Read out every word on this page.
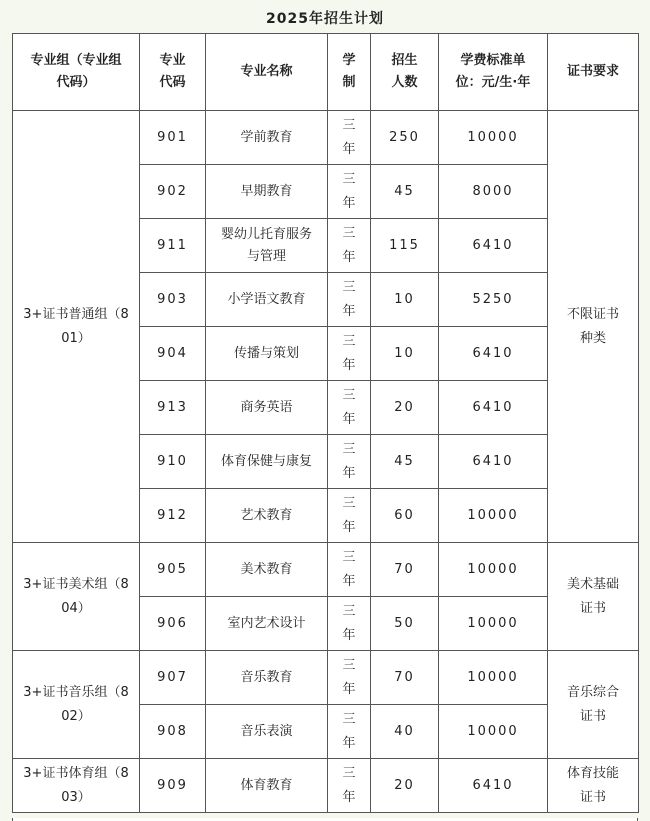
2025年招生计划
专业组（专业组代码）	专业代码	专业名称	学制	招生人数	学费标准单位：元/生·年	证书要求
3+证书普通组（801）	901	学前教育	三年	250	10000	不限证书种类
	902	早期教育	三年	45	8000	
	911	婴幼儿托育服务与管理	三年	115	6410	
	903	小学语文教育	三年	10	5250	
	904	传播与策划	三年	10	6410	
	913	商务英语	三年	20	6410	
	910	体育保健与康复	三年	45	6410	
	912	艺术教育	三年	60	10000	
3+证书美术组（804）	905	美术教育	三年	70	10000	美术基础证书
	906	室内艺术设计	三年	50	10000	
3+证书音乐组（802）	907	音乐教育	三年	70	10000	音乐综合证书
	908	音乐表演	三年	40	10000	
3+证书体育组（803）	909	体育教育	三年	20	6410	体育技能证书
